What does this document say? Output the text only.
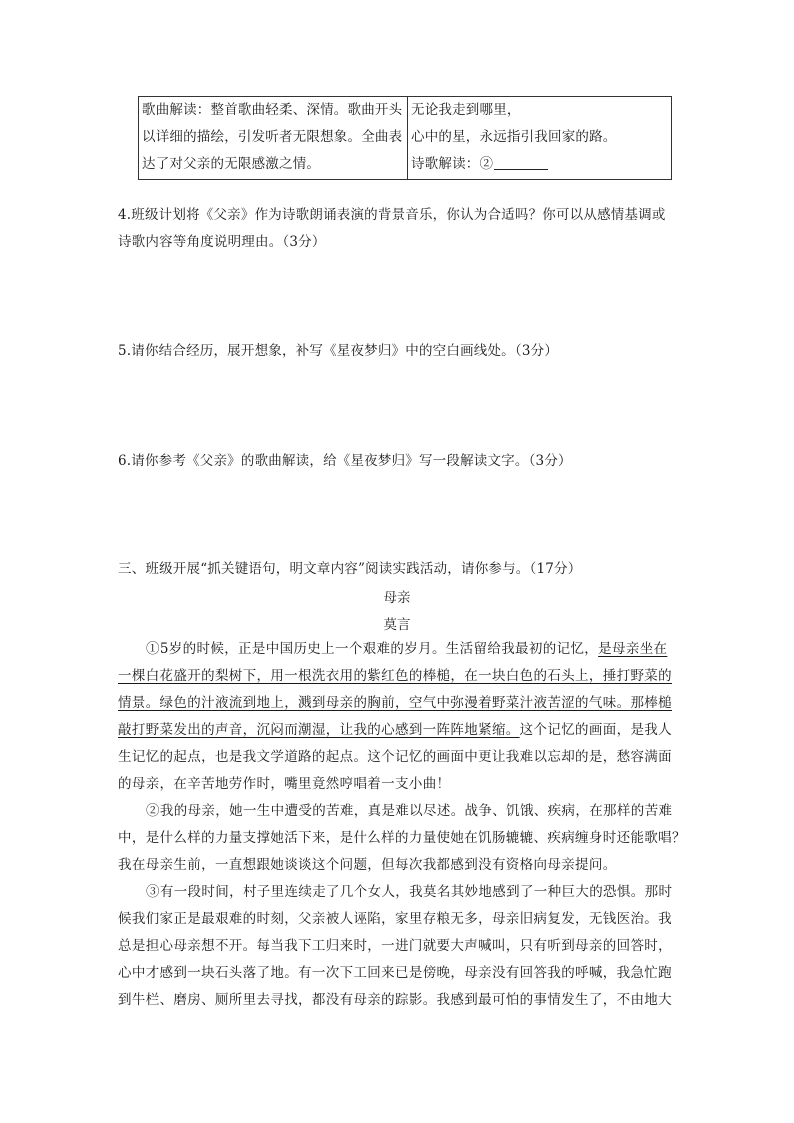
歌曲解读：整首歌曲轻柔、深情。歌曲开头
以详细的描绘，引发听者无限想象。全曲表
达了对父亲的无限感激之情。
无论我走到哪里，
心中的星，永远指引我回家的路。
诗歌解读：②
4.班级计划将《父亲》作为诗歌朗诵表演的背景音乐，你认为合适吗？你可以从感情基调或
诗歌内容等角度说明理由。（3分）
5.请你结合经历，展开想象，补写《星夜梦归》中的空白画线处。（3分）
6.请你参考《父亲》的歌曲解读，给《星夜梦归》写一段解读文字。（3分）
三、班级开展“抓关键语句，明文章内容”阅读实践活动，请你参与。（17分）
母亲
莫言
①5岁的时候，正是中国历史上一个艰难的岁月。生活留给我最初的记忆，是母亲坐在
一棵白花盛开的梨树下，用一根洗衣用的紫红色的棒槌，在一块白色的石头上，捶打野菜的
情景。绿色的汁液流到地上，溅到母亲的胸前，空气中弥漫着野菜汁液苦涩的气味。那棒槌
敲打野菜发出的声音，沉闷而潮湿，让我的心感到一阵阵地紧缩。这个记忆的画面，是我人
生记忆的起点，也是我文学道路的起点。这个记忆的画面中更让我难以忘却的是，愁容满面
的母亲，在辛苦地劳作时，嘴里竟然哼唱着一支小曲！
②我的母亲，她一生中遭受的苦难，真是难以尽述。战争、饥饿、疾病，在那样的苦难
中，是什么样的力量支撑她活下来，是什么样的力量使她在饥肠辘辘、疾病缠身时还能歌唱？
我在母亲生前，一直想跟她谈谈这个问题，但每次我都感到没有资格向母亲提问。
③有一段时间，村子里连续走了几个女人，我莫名其妙地感到了一种巨大的恐惧。那时
候我们家正是最艰难的时刻，父亲被人诬陷，家里存粮无多，母亲旧病复发，无钱医治。我
总是担心母亲想不开。每当我下工归来时，一进门就要大声喊叫，只有听到母亲的回答时，
心中才感到一块石头落了地。有一次下工回来已是傍晚，母亲没有回答我的呼喊，我急忙跑
到牛栏、磨房、厕所里去寻找，都没有母亲的踪影。我感到最可怕的事情发生了，不由地大
